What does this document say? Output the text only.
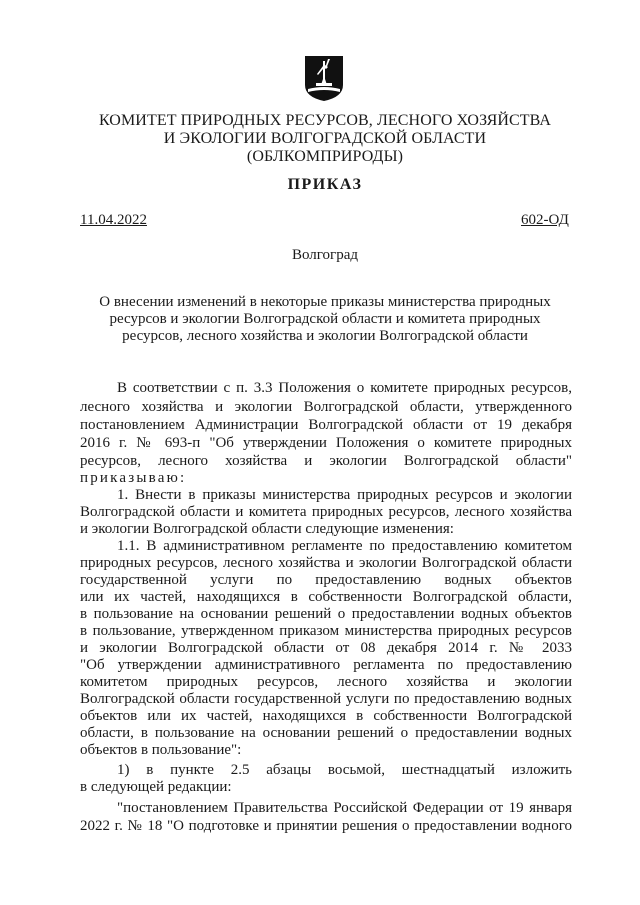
КОМИТЕТ ПРИРОДНЫХ РЕСУРСОВ, ЛЕСНОГО ХОЗЯЙСТВА
И ЭКОЛОГИИ ВОЛГОГРАДСКОЙ ОБЛАСТИ
(ОБЛКОМПРИРОДЫ)
ПРИКАЗ
11.04.2022	602-ОД
Волгоград
О внесении изменений в некоторые приказы министерства природных
ресурсов и экологии Волгоградской области и комитета природных
ресурсов, лесного хозяйства и экологии Волгоградской области
В соответствии с п. 3.3 Положения о комитете природных ресурсов,
лесного хозяйства и экологии Волгоградской области, утвержденного
постановлением Администрации Волгоградской области от 19 декабря
2016 г. № 693-п "Об утверждении Положения о комитете природных
ресурсов, лесного хозяйства и экологии Волгоградской области"
приказываю:
1. Внести в приказы министерства природных ресурсов и экологии
Волгоградской области и комитета природных ресурсов, лесного хозяйства
и экологии Волгоградской области следующие изменения:
1.1. В административном регламенте по предоставлению комитетом
природных ресурсов, лесного хозяйства и экологии Волгоградской области
государственной услуги по предоставлению водных объектов
или их частей, находящихся в собственности Волгоградской области,
в пользование на основании решений о предоставлении водных объектов
в пользование, утвержденном приказом министерства природных ресурсов
и экологии Волгоградской области от 08 декабря 2014 г. № 2033
"Об утверждении административного регламента по предоставлению
комитетом природных ресурсов, лесного хозяйства и экологии
Волгоградской области государственной услуги по предоставлению водных
объектов или их частей, находящихся в собственности Волгоградской
области, в пользование на основании решений о предоставлении водных
объектов в пользование":
1) в пункте 2.5 абзацы восьмой, шестнадцатый изложить
в следующей редакции:
"постановлением Правительства Российской Федерации от 19 января
2022 г. № 18 "О подготовке и принятии решения о предоставлении водного
